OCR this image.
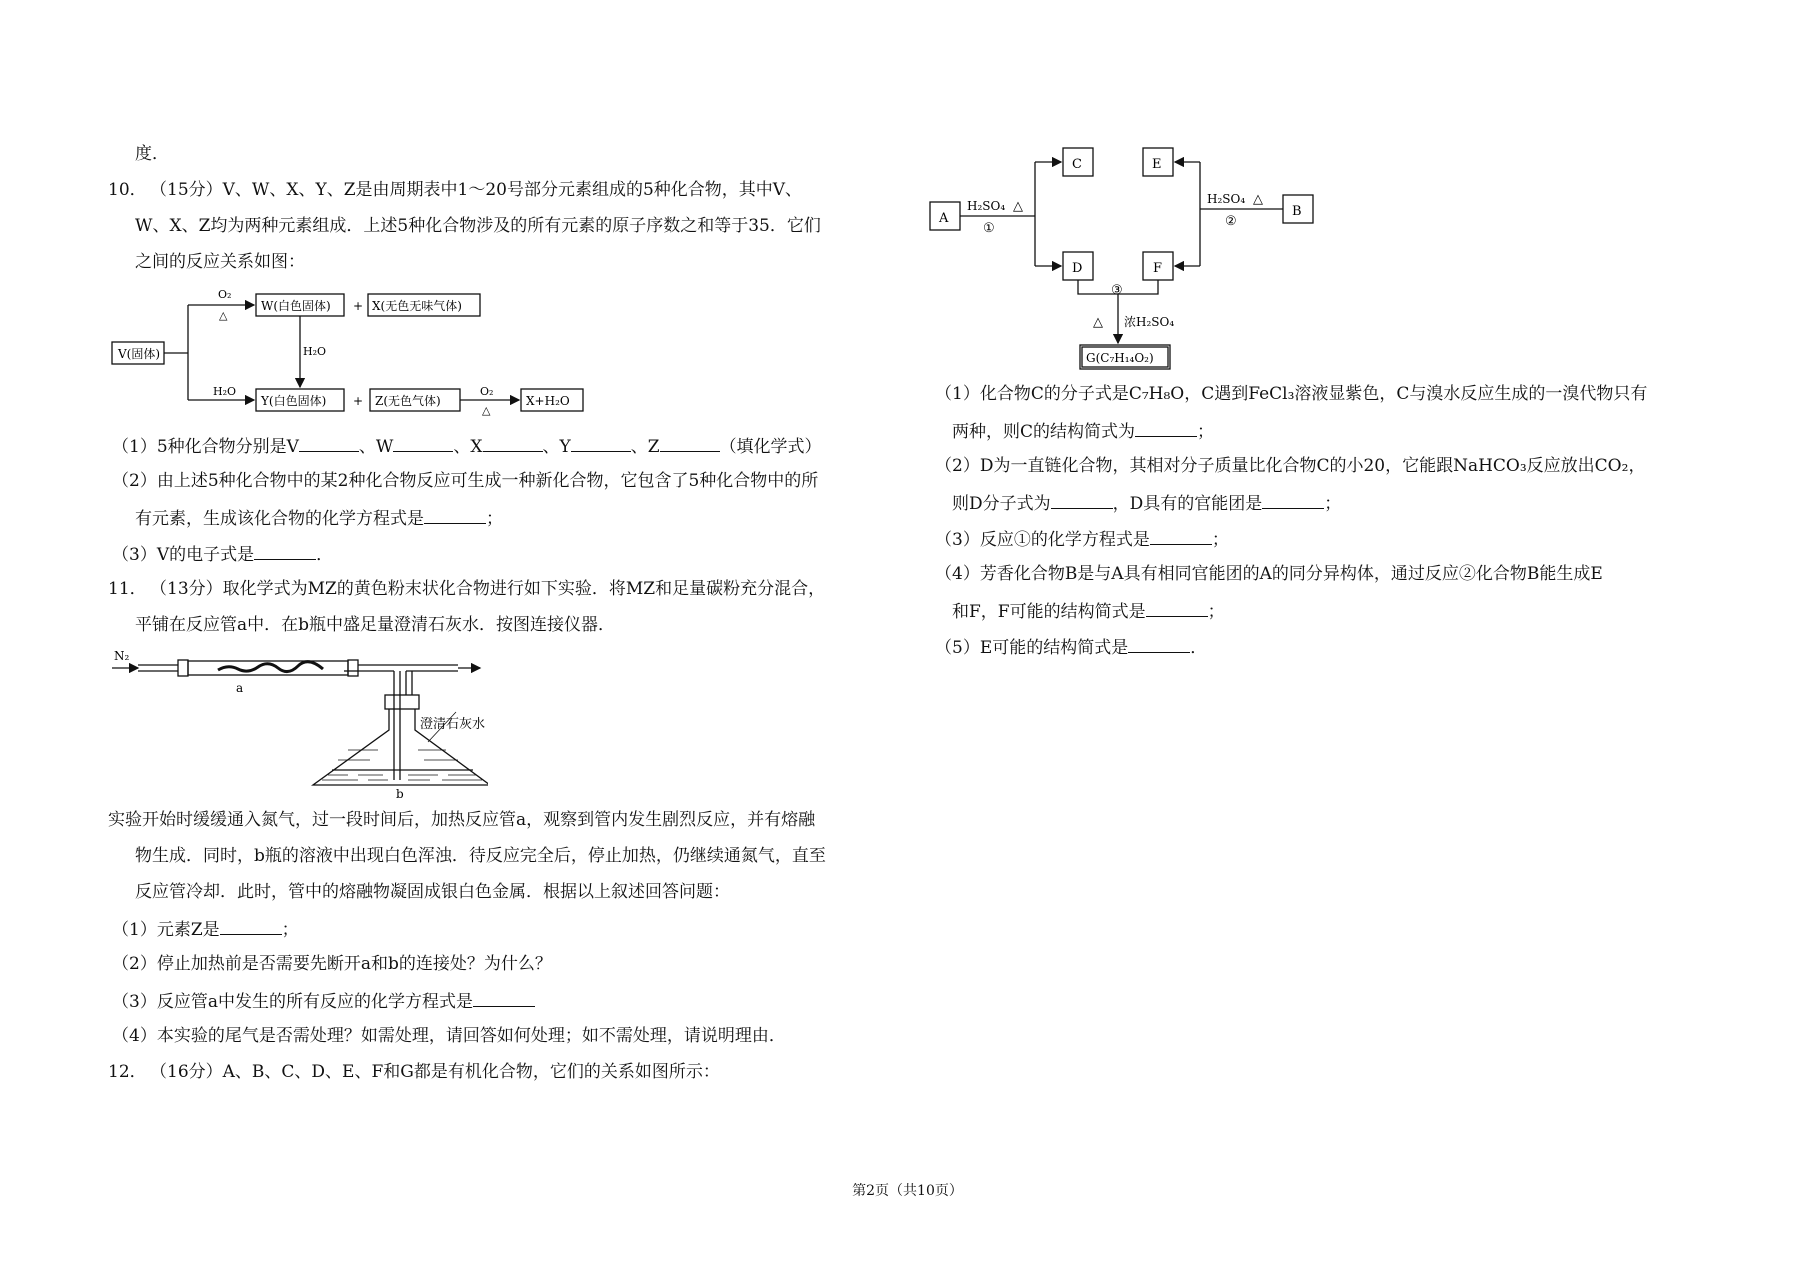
度．
10． （15分）V、W、X、Y、Z是由周期表中1～20号部分元素组成的5种化合物，其中V、
W、X、Z均为两种元素组成．上述5种化合物涉及的所有元素的原子序数之和等于35．它们
之间的反应关系如图：
V(固体)
W(白色固体) + X(无色无味气体)
O₂
△
H₂O
H₂O
Y(白色固体) + Z(无色气体)
O₂
△
X+H₂O
（1）5种化合物分别是V	、W	、X	、Y	、Z	（填化学式）
（2）由上述5种化合物中的某2种化合物反应可生成一种新化合物，它包含了5种化合物中的所
有元素，生成该化合物的化学方程式是	；
（3）V的电子式是	．
11． （13分）取化学式为MZ的黄色粉末状化合物进行如下实验．将MZ和足量碳粉充分混合，
平铺在反应管a中．在b瓶中盛足量澄清石灰水．按图连接仪器．
N₂
a
b
澄清石灰水
实验开始时缓缓通入氮气，过一段时间后，加热反应管a，观察到管内发生剧烈反应，并有熔融
物生成．同时，b瓶的溶液中出现白色浑浊．待反应完全后，停止加热，仍继续通氮气，直至
反应管冷却．此时，管中的熔融物凝固成银白色金属．根据以上叙述回答问题：
（1）元素Z是	；
（2）停止加热前是否需要先断开a和b的连接处？为什么？
（3）反应管a中发生的所有反应的化学方程式是
（4）本实验的尾气是否需处理？如需处理，请回答如何处理；如不需处理，请说明理由．
12． （16分）A、B、C、D、E、F和G都是有机化合物，它们的关系如图所示：
A	B
C	E
D	F
H₂SO₄ △
①
H₂SO₄ △
②
③
△ 浓H₂SO₄
G(C₇H₁₄O₂)
（1）化合物C的分子式是C₇H₈O，C遇到FeCl₃溶液显紫色，C与溴水反应生成的一溴代物只有
两种，则C的结构简式为	；
（2）D为一直链化合物，其相对分子质量比化合物C的小20，它能跟NaHCO₃反应放出CO₂，
则D分子式为	，D具有的官能团是	；
（3）反应①的化学方程式是	；
（4）芳香化合物B是与A具有相同官能团的A的同分异构体，通过反应②化合物B能生成E
和F，F可能的结构简式是	；
（5）E可能的结构简式是	．
第2页（共10页）
